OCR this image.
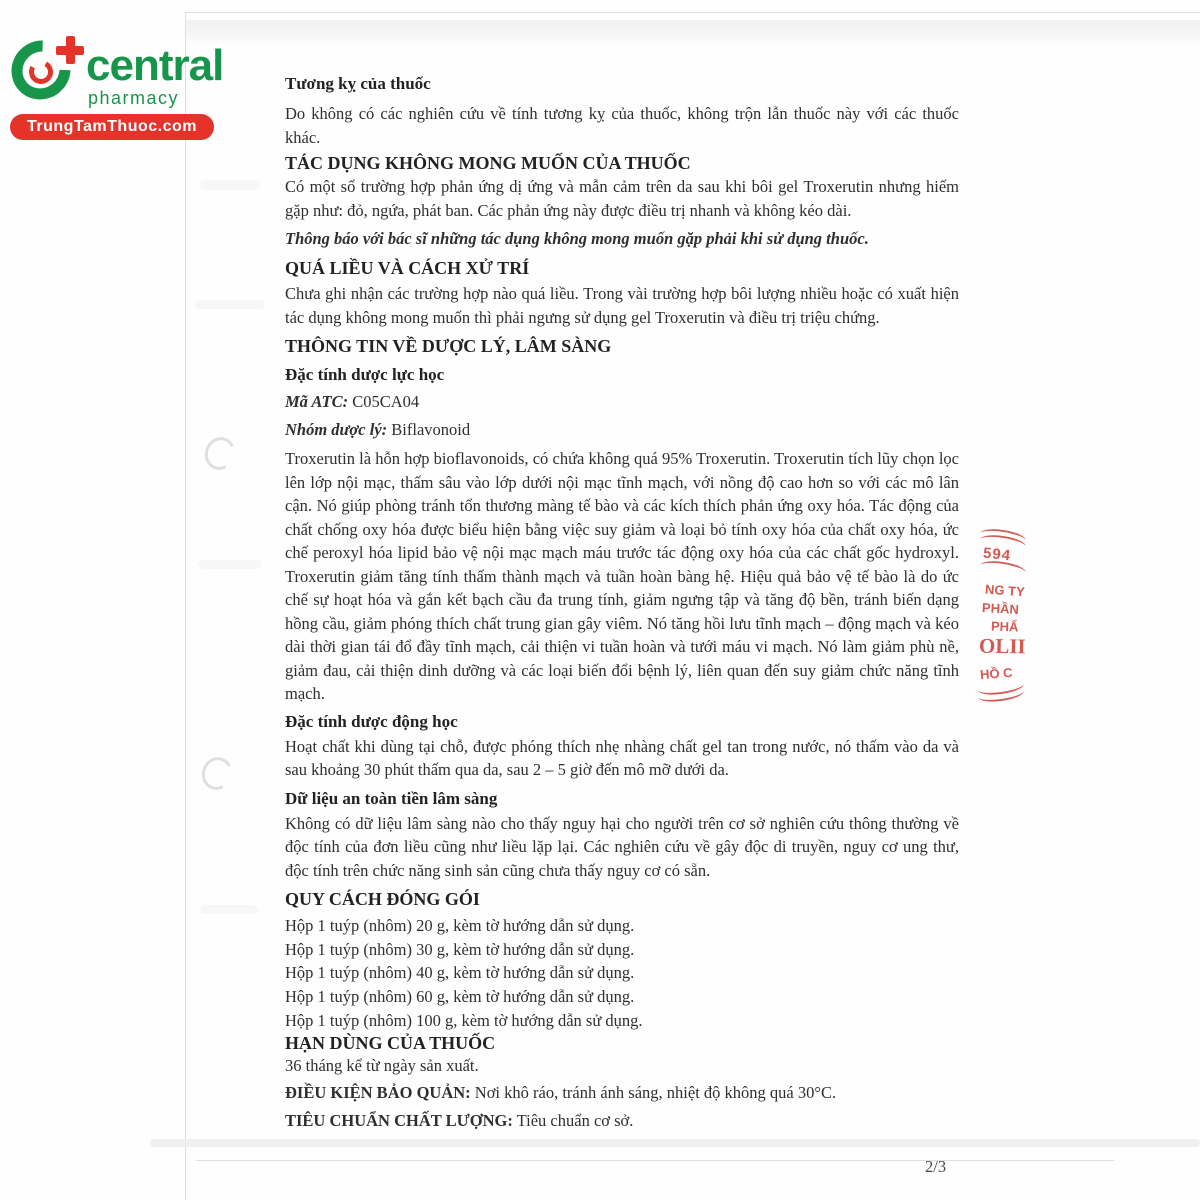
central
pharmacy
TrungTamThuoc.com
Tương kỵ của thuốc

Do không có các nghiên cứu về tính tương kỵ của thuốc, không trộn lẫn thuốc này với các thuốc khác.

TÁC DỤNG KHÔNG MONG MUỐN CỦA THUỐC

Có một số trường hợp phản ứng dị ứng và mẫn cảm trên da sau khi bôi gel Troxerutin nhưng hiếm gặp như: đỏ, ngứa, phát ban. Các phản ứng này được điều trị nhanh và không kéo dài.

Thông báo với bác sĩ những tác dụng không mong muốn gặp phải khi sử dụng thuốc.

QUÁ LIỀU VÀ CÁCH XỬ TRÍ

Chưa ghi nhận các trường hợp nào quá liều. Trong vài trường hợp bôi lượng nhiều hoặc có xuất hiện tác dụng không mong muốn thì phải ngưng sử dụng gel Troxerutin và điều trị triệu chứng.

THÔNG TIN VỀ DƯỢC LÝ, LÂM SÀNG
Đặc tính dược lực học
Mã ATC: C05CA04
Nhóm dược lý: Biflavonoid

Troxerutin là hỗn hợp bioflavonoids, có chứa không quá 95% Troxerutin. Troxerutin tích lũy chọn lọc lên lớp nội mạc, thấm sâu vào lớp dưới nội mạc tĩnh mạch, với nồng độ cao hơn so với các mô lân cận. Nó giúp phòng tránh tổn thương màng tế bào và các kích thích phản ứng oxy hóa. Tác động của chất chống oxy hóa được biểu hiện bằng việc suy giảm và loại bỏ tính oxy hóa của chất oxy hóa, ức chế peroxyl hóa lipid bảo vệ nội mạc mạch máu trước tác động oxy hóa của các chất gốc hydroxyl. Troxerutin giảm tăng tính thấm thành mạch và tuần hoàn bàng hệ. Hiệu quả bảo vệ tế bào là do ức chế sự hoạt hóa và gắn kết bạch cầu đa trung tính, giảm ngưng tập và tăng độ bền, tránh biến dạng hồng cầu, giảm phóng thích chất trung gian gây viêm. Nó tăng hồi lưu tĩnh mạch – động mạch và kéo dài thời gian tái đổ đầy tĩnh mạch, cải thiện vi tuần hoàn và tưới máu vi mạch. Nó làm giảm phù nề, giảm đau, cải thiện dinh dưỡng và các loại biến đổi bệnh lý, liên quan đến suy giảm chức năng tĩnh mạch.

Đặc tính dược động học

Hoạt chất khi dùng tại chỗ, được phóng thích nhẹ nhàng chất gel tan trong nước, nó thấm vào da và sau khoảng 30 phút thấm qua da, sau 2 – 5 giờ đến mô mỡ dưới da.

Dữ liệu an toàn tiền lâm sàng

Không có dữ liệu lâm sàng nào cho thấy nguy hại cho người trên cơ sở nghiên cứu thông thường về độc tính của đơn liều cũng như liều lặp lại. Các nghiên cứu về gây độc di truyền, nguy cơ ung thư, độc tính trên chức năng sinh sản cũng chưa thấy nguy cơ có sẵn.

QUY CÁCH ĐÓNG GÓI
Hộp 1 tuýp (nhôm) 20 g, kèm tờ hướng dẫn sử dụng.
Hộp 1 tuýp (nhôm) 30 g, kèm tờ hướng dẫn sử dụng.
Hộp 1 tuýp (nhôm) 40 g, kèm tờ hướng dẫn sử dụng.
Hộp 1 tuýp (nhôm) 60 g, kèm tờ hướng dẫn sử dụng.
Hộp 1 tuýp (nhôm) 100 g, kèm tờ hướng dẫn sử dụng.
HẠN DÙNG CỦA THUỐC

36 tháng kể từ ngày sản xuất.

ĐIỀU KIỆN BẢO QUẢN: Nơi khô ráo, tránh ánh sáng, nhiệt độ không quá 30°C.
TIÊU CHUẨN CHẤT LƯỢNG: Tiêu chuẩn cơ sở.
594
NG TY
PHẦN
PHẨ
OLII
HỒ C
2/3
